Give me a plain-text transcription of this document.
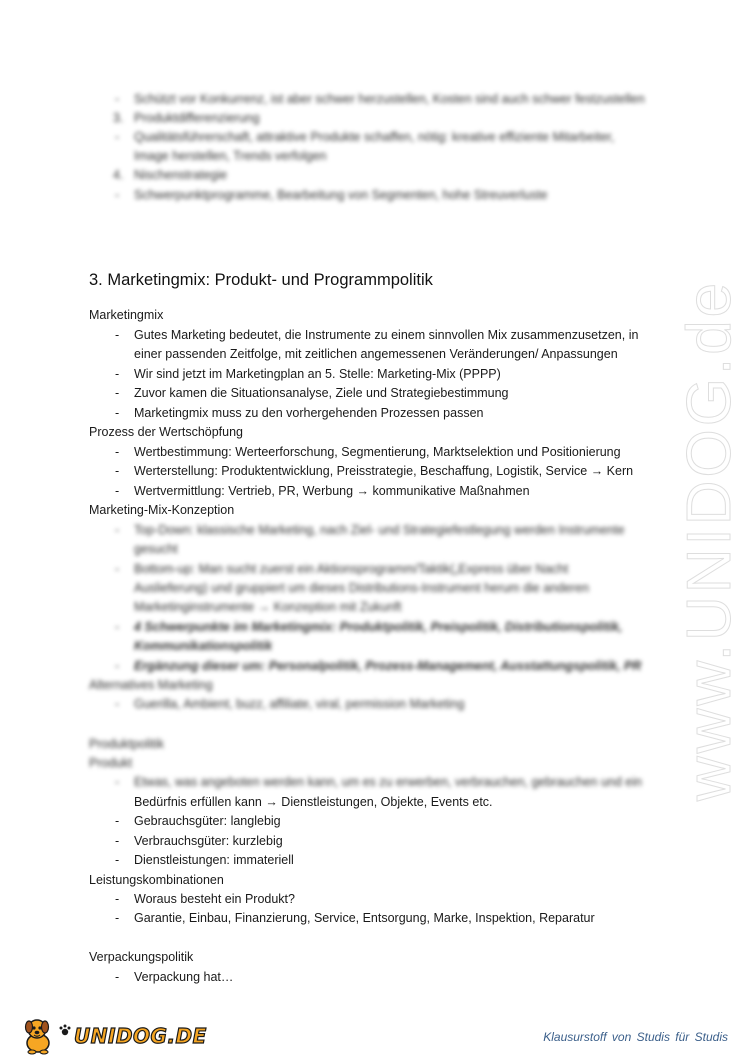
www.UNIDOG.de
- Schützt vor Konkurrenz, ist aber schwer herzustellen, Kosten sind auch schwer festzustellen
3. Produktdifferenzierung
- Qualitätsführerschaft, attraktive Produkte schaffen, nötig: kreative effiziente Mitarbeiter,
Image herstellen, Trends verfolgen
4. Nischenstrategie
- Schwerpunktprogramme, Bearbeitung von Segmenten, hohe Streuverluste
3. Marketingmix: Produkt- und Programmpolitik
Marketingmix
- Gutes Marketing bedeutet, die Instrumente zu einem sinnvollen Mix zusammenzusetzen, in
einer passenden Zeitfolge, mit zeitlichen angemessenen Veränderungen/ Anpassungen
- Wir sind jetzt im Marketingplan an 5. Stelle: Marketing-Mix (PPPP)
- Zuvor kamen die Situationsanalyse, Ziele und Strategiebestimmung
- Marketingmix muss zu den vorhergehenden Prozessen passen
Prozess der Wertschöpfung
- Wertbestimmung: Werteerforschung, Segmentierung, Marktselektion und Positionierung
- Werterstellung: Produktentwicklung, Preisstrategie, Beschaffung, Logistik, Service → Kern
- Wertvermittlung: Vertrieb, PR, Werbung → kommunikative Maßnahmen
Marketing-Mix-Konzeption
- Top-Down: klassische Marketing, nach Ziel- und Strategiefestlegung werden Instrumente
gesucht
- Bottom-up: Man sucht zuerst ein Aktionsprogramm/Taktik(„Express über Nacht
Auslieferung) und gruppiert um dieses Distributions-Instrument herum die anderen
Marketinginstrumente → Konzeption mit Zukunft
- 4 Schwerpunkte im Marketingmix: Produktpolitik, Preispolitik, Distributionspolitik,
Kommunikationspolitik
- Ergänzung dieser um: Personalpolitik, Prozess-Management, Ausstattungspolitik, PR
Alternatives Marketing
- Guerilla, Ambient, buzz, affiliate, viral, permission Marketing
Produktpolitik
Produkt
- Etwas, was angeboten werden kann, um es zu erwerben, verbrauchen, gebrauchen und ein
Bedürfnis erfüllen kann → Dienstleistungen, Objekte, Events etc.
- Gebrauchsgüter: langlebig
- Verbrauchsgüter: kurzlebig
- Dienstleistungen: immateriell
Leistungskombinationen
- Woraus besteht ein Produkt?
- Garantie, Einbau, Finanzierung, Service, Entsorgung, Marke, Inspektion, Reparatur
Verpackungspolitik
- Verpackung hat…
UNIDOG.DE	Klausurstoff von Studis für Studis
